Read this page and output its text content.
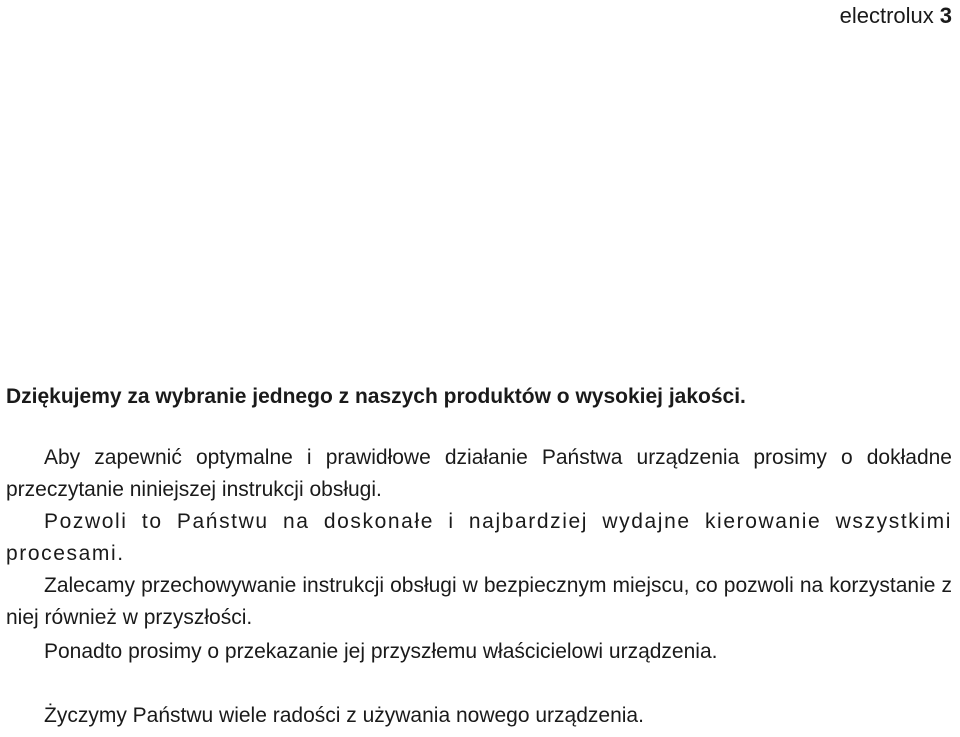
electrolux 3
Dziękujemy za wybranie jednego z naszych produktów o wysokiej jakości.

Aby zapewnić optymalne i prawidłowe działanie Państwa urządzenia prosimy o dokładne przeczytanie niniejszej instrukcji obsługi.

Pozwoli to Państwu na doskonałe i najbardziej wydajne kierowanie wszystkimi procesami.

Zalecamy przechowywanie instrukcji obsługi w bezpiecznym miejscu, co pozwoli na korzystanie z niej również w przyszłości.

Ponadto prosimy o przekazanie jej przyszłemu właścicielowi urządzenia.

Życzymy Państwu wiele radości z używania nowego urządzenia.
